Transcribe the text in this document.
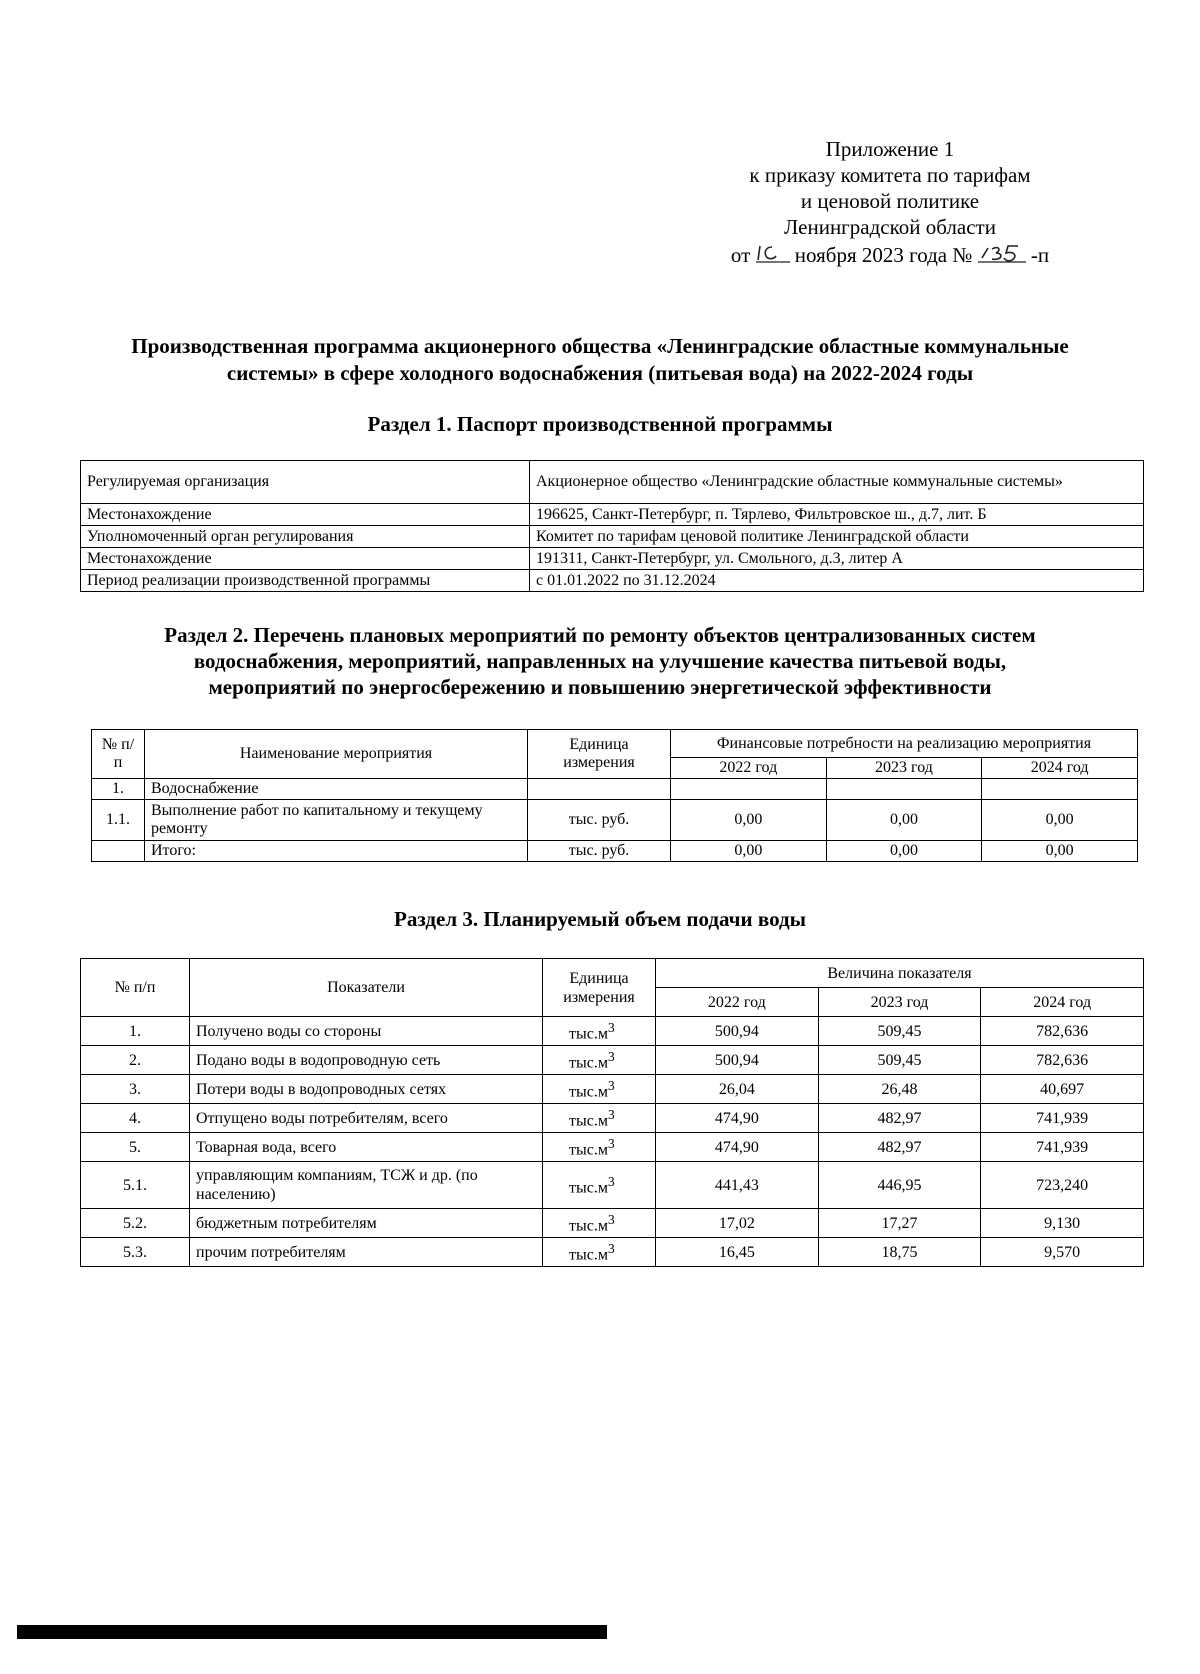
Приложение 1
к приказу комитета по тарифам
и ценовой политике
Ленинградской области
от ноября 2023 года №	-п
Производственная программа акционерного общества «Ленинградские областные коммунальные
системы» в сфере холодного водоснабжения (питьевая вода) на 2022-2024 годы
Раздел 1. Паспорт производственной программы
Регулируемая организация	Акционерное общество «Ленинградские областные коммунальные системы»
Местонахождение	196625, Санкт-Петербург, п. Тярлево, Фильтровское ш., д.7, лит. Б
Уполномоченный орган регулирования	Комитет по тарифам ценовой политике Ленинградской области
Местонахождение	191311, Санкт-Петербург, ул. Смольного, д.3, литер А
Период реализации производственной программы	с 01.01.2022 по 31.12.2024
Раздел 2. Перечень плановых мероприятий по ремонту объектов централизованных систем
водоснабжения, мероприятий, направленных на улучшение качества питьевой воды,
мероприятий по энергосбережению и повышению энергетической эффективности
№ п/п	Наименование мероприятия	Единица измерения	Финансовые потребности на реализацию мероприятия		
			2022 год	2023 год	2024 год
1.	Водоснабжение				
1.1.	Выполнение работ по капитальному и текущему ремонту	тыс. руб.	0,00	0,00	0,00
	Итого:	тыс. руб.	0,00	0,00	0,00
Раздел 3. Планируемый объем подачи воды
№ п/п	Показатели	Единица измерения	Величина показателя		
			2022 год	2023 год	2024 год
1.	Получено воды со стороны	$тыс.м^3$	500,94	509,45	782,636
2.	Подано воды в водопроводную сеть	$тыс.м^3$	500,94	509,45	782,636
3.	Потери воды в водопроводных сетях	$тыс.м^3$	26,04	26,48	40,697
4.	Отпущено воды потребителям, всего	$тыс.м^3$	474,90	482,97	741,939
5.	Товарная вода, всего	$тыс.м^3$	474,90	482,97	741,939
5.1.	управляющим компаниям, ТСЖ и др. (по населению)	$тыс.м^3$	441,43	446,95	723,240
5.2.	бюджетным потребителям	$тыс.м^3$	17,02	17,27	9,130
5.3.	прочим потребителям	$тыс.м^3$	16,45	18,75	9,570
